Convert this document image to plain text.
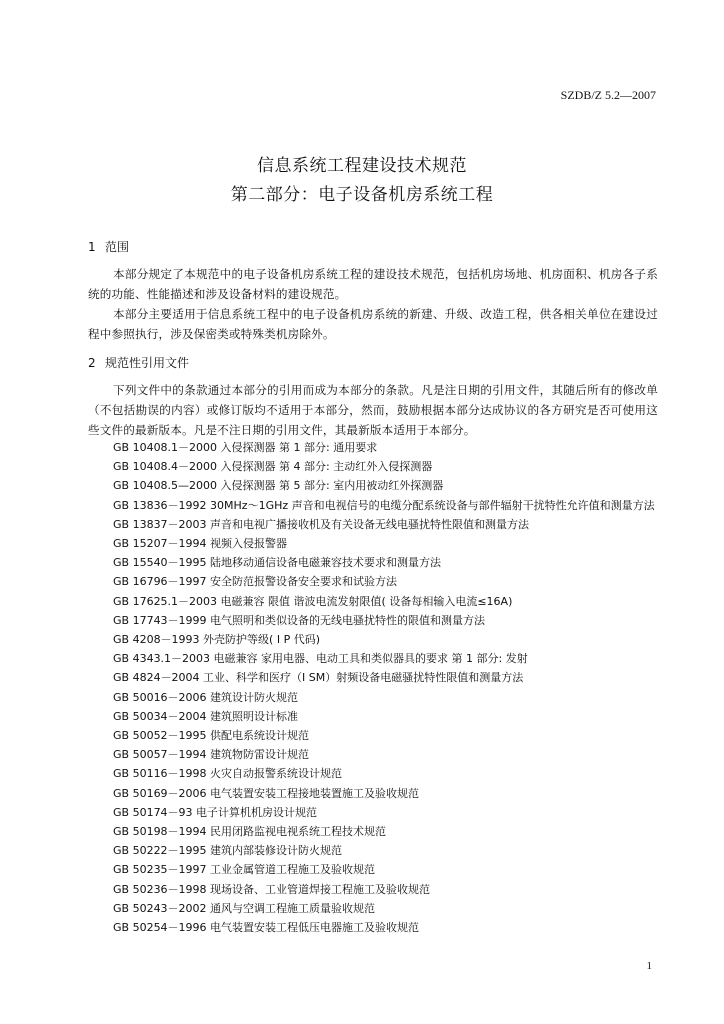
SZDB/Z 5.2—2007
信息系统工程建设技术规范
第二部分：电子设备机房系统工程
1 范围

本部分规定了本规范中的电子设备机房系统工程的建设技术规范，包括机房场地、机房面积、机房各子系统的功能、性能描述和涉及设备材料的建设规范。

本部分主要适用于信息系统工程中的电子设备机房系统的新建、升级、改造工程，供各相关单位在建设过程中参照执行，涉及保密类或特殊类机房除外。

2 规范性引用文件

下列文件中的条款通过本部分的引用而成为本部分的条款。凡是注日期的引用文件，其随后所有的修改单（不包括勘误的内容）或修订版均不适用于本部分，然而，鼓励根据本部分达成协议的各方研究是否可使用这些文件的最新版本。凡是不注日期的引用文件，其最新版本适用于本部分。

GB 10408.1－2000 入侵探测器 第 1 部分: 通用要求
GB 10408.4－2000 入侵探测器 第 4 部分: 主动红外入侵探测器
GB 10408.5—2000 入侵探测器 第 5 部分: 室内用被动红外探测器
GB 13836－1992 30MHz～1GHz 声音和电视信号的电缆分配系统设备与部件辐射干扰特性允许值和测量方法
GB 13837－2003 声音和电视广播接收机及有关设备无线电骚扰特性限值和测量方法
GB 15207－1994 视频入侵报警器
GB 15540－1995 陆地移动通信设备电磁兼容技术要求和测量方法
GB 16796－1997 安全防范报警设备安全要求和试验方法
GB 17625.1－2003 电磁兼容 限值 谐波电流发射限值( 设备每相输入电流≤16A)
GB 17743－1999 电气照明和类似设备的无线电骚扰特性的限值和测量方法
GB 4208－1993 外壳防护等级( I P 代码)
GB 4343.1－2003 电磁兼容 家用电器、电动工具和类似器具的要求 第 1 部分: 发射
GB 4824－2004 工业、科学和医疗（I SM）射频设备电磁骚扰特性限值和测量方法
GB 50016－2006 建筑设计防火规范
GB 50034－2004 建筑照明设计标准
GB 50052－1995 供配电系统设计规范
GB 50057－1994 建筑物防雷设计规范
GB 50116－1998 火灾自动报警系统设计规范
GB 50169－2006 电气装置安装工程接地装置施工及验收规范
GB 50174－93 电子计算机机房设计规范
GB 50198－1994 民用闭路监视电视系统工程技术规范
GB 50222－1995 建筑内部装修设计防火规范
GB 50235－1997 工业金属管道工程施工及验收规范
GB 50236－1998 现场设备、工业管道焊接工程施工及验收规范
GB 50243－2002 通风与空调工程施工质量验收规范
GB 50254－1996 电气装置安装工程低压电器施工及验收规范
1
